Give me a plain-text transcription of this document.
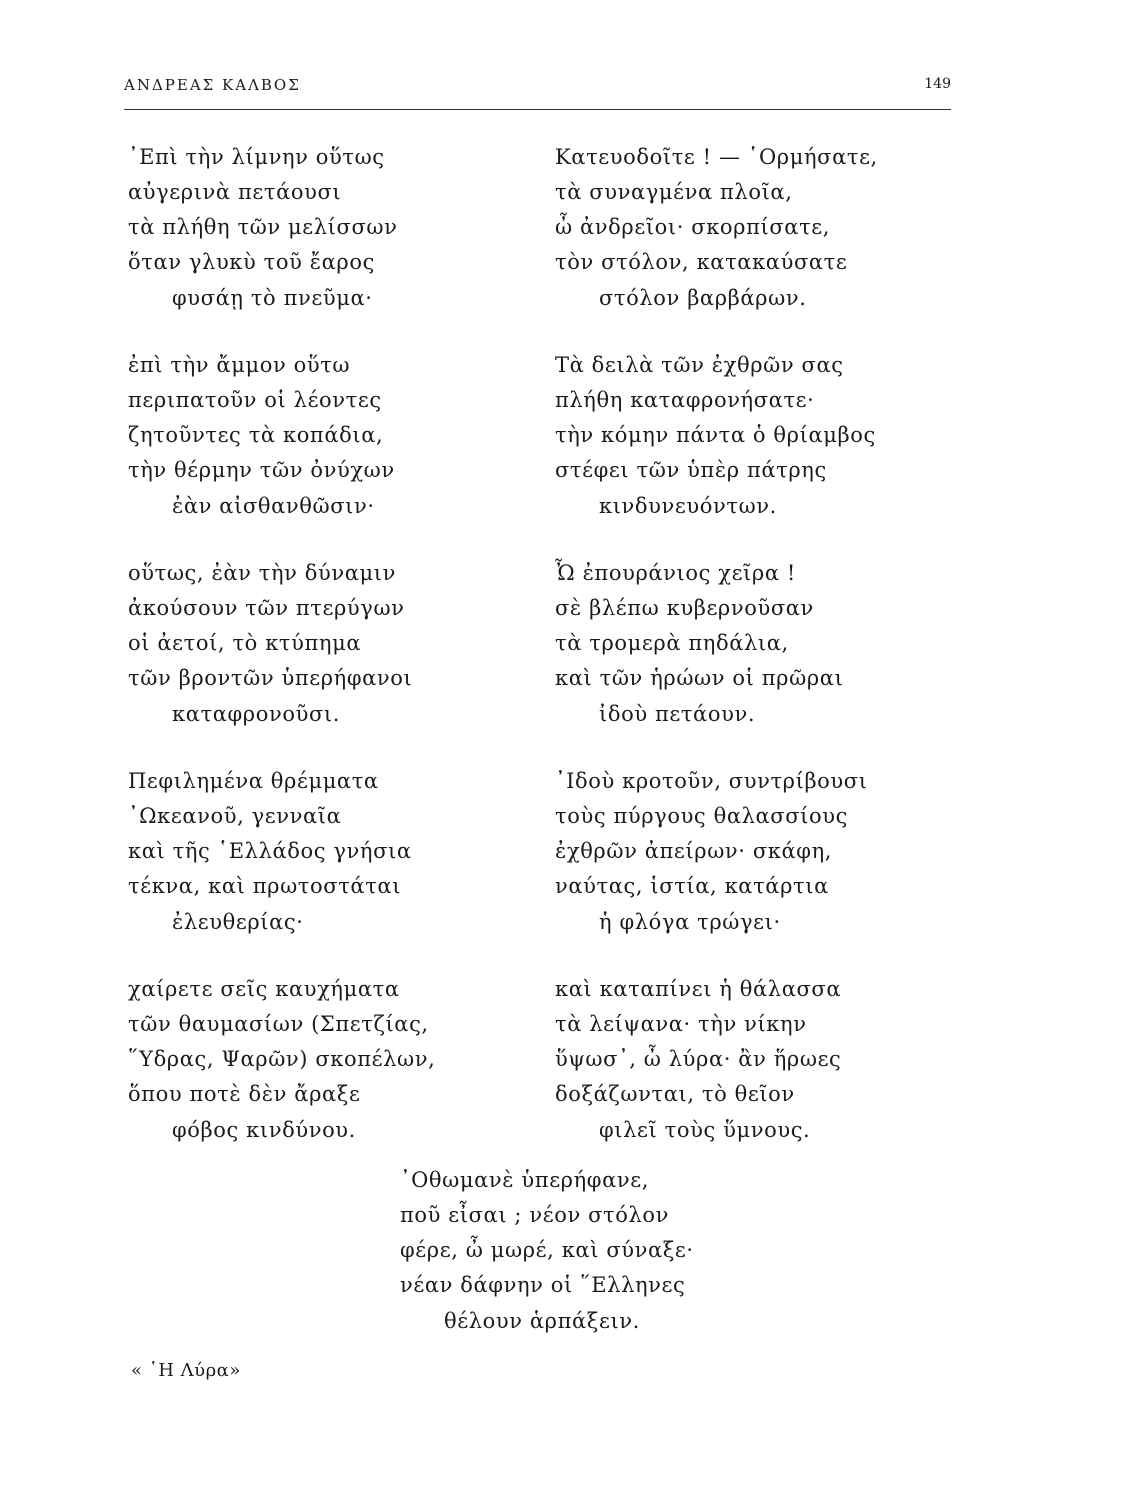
ΑΝΔΡΕΑΣ ΚΑΛΒΟΣ	149
᾿Επὶ τὴν λίμνην οὕτως
αὐγερινὰ πετάουσι
τὰ πλήθη τῶν μελίσσων
ὅταν γλυκὺ τοῦ ἔαρος
φυσάῃ τὸ πνεῦμα·
ἐπὶ τὴν ἄμμον οὕτω
περιπατοῦν οἱ λέοντες
ζητοῦντες τὰ κοπάδια,
τὴν θέρμην τῶν ὀνύχων
ἐὰν αἰσθανθῶσιν·
οὕτως, ἐὰν τὴν δύναμιν
ἀκούσουν τῶν πτερύγων
οἱ ἀετοί, τὸ κτύπημα
τῶν βροντῶν ὑπερήφανοι
καταφρονοῦσι.
Πεφιλημένα θρέμματα
᾿Ωκεανοῦ, γενναῖα
καὶ τῆς ῾Ελλάδος γνήσια
τέκνα, καὶ πρωτοστάται
ἐλευθερίας·
χαίρετε σεῖς καυχήματα
τῶν θαυμασίων (Σπετζίας,
῞Υδρας, Ψαρῶν) σκοπέλων,
ὅπου ποτὲ δὲν ἄραξε
φόβος κινδύνου.
Κατευοδοῖτε ! — ῾Ορμήσατε,
τὰ συναγμένα πλοῖα,
ὦ ἀνδρεῖοι· σκορπίσατε,
τὸν στόλον, κατακαύσατε
στόλον βαρβάρων.
Τὰ δειλὰ τῶν ἐχθρῶν σας
πλήθη καταφρονήσατε·
τὴν κόμην πάντα ὁ θρίαμβος
στέφει τῶν ὑπὲρ πάτρης
κινδυνευόντων.
Ὦ ἐπουράνιος χεῖρα !
σὲ βλέπω κυβερνοῦσαν
τὰ τρομερὰ πηδάλια,
καὶ τῶν ἡρώων οἱ πρῶραι
ἰδοὺ πετάουν.
᾿Ιδοὺ κροτοῦν, συντρίβουσι
τοὺς πύργους θαλασσίους
ἐχθρῶν ἀπείρων· σκάφη,
ναύτας, ἱστία, κατάρτια
ἡ φλόγα τρώγει·
καὶ καταπίνει ἡ θάλασσα
τὰ λείψανα· τὴν νίκην
ὕψωσ᾿, ὦ λύρα· ἂν ἥρωες
δοξάζωνται, τὸ θεῖον
φιλεῖ τοὺς ὕμνους.
᾿Οθωμανὲ ὑπερήφανε,
ποῦ εἶσαι ; νέον στόλον
φέρε, ὦ μωρέ, καὶ σύναξε·
νέαν δάφνην οἱ ῞Ελληνες
θέλουν ἁρπάξειν.
« ῾Η Λύρα»
